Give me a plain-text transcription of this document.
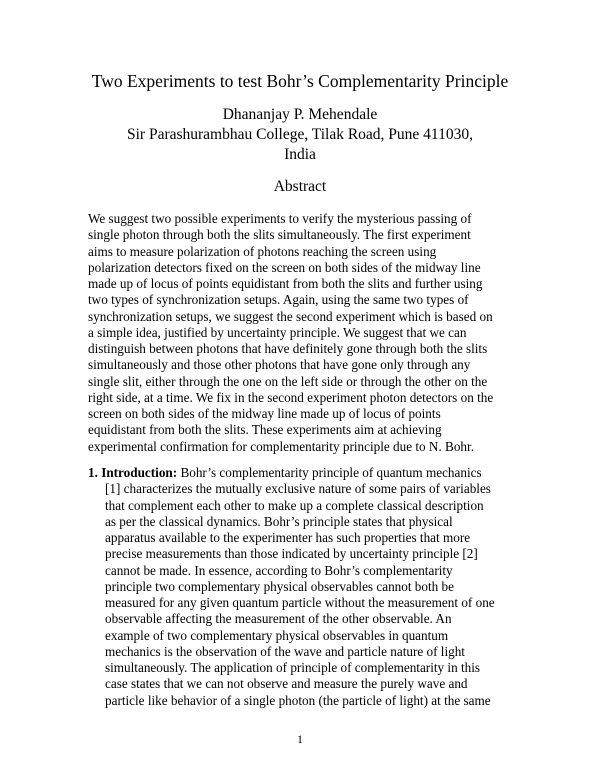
Two Experiments to test Bohr’s Complementarity Principle
Dhananjay P. Mehendale
Sir Parashurambhau College, Tilak Road, Pune 411030,
India
Abstract
We suggest two possible experiments to verify the mysterious passing of
single photon through both the slits simultaneously. The first experiment
aims to measure polarization of photons reaching the screen using
polarization detectors fixed on the screen on both sides of the midway line
made up of locus of points equidistant from both the slits and further using
two types of synchronization setups. Again, using the same two types of
synchronization setups, we suggest the second experiment which is based on
a simple idea, justified by uncertainty principle. We suggest that we can
distinguish between photons that have definitely gone through both the slits
simultaneously and those other photons that have gone only through any
single slit, either through the one on the left side or through the other on the
right side, at a time. We fix in the second experiment photon detectors on the
screen on both sides of the midway line made up of locus of points
equidistant from both the slits. These experiments aim at achieving
experimental confirmation for complementarity principle due to N. Bohr.
1. Introduction: Bohr’s complementarity principle of quantum mechanics
[1] characterizes the mutually exclusive nature of some pairs of variables
that complement each other to make up a complete classical description
as per the classical dynamics. Bohr’s principle states that physical
apparatus available to the experimenter has such properties that more
precise measurements than those indicated by uncertainty principle [2]
cannot be made. In essence, according to Bohr’s complementarity
principle two complementary physical observables cannot both be
measured for any given quantum particle without the measurement of one
observable affecting the measurement of the other observable. An
example of two complementary physical observables in quantum
mechanics is the observation of the wave and particle nature of light
simultaneously. The application of principle of complementarity in this
case states that we can not observe and measure the purely wave and
particle like behavior of a single photon (the particle of light) at the same
1
